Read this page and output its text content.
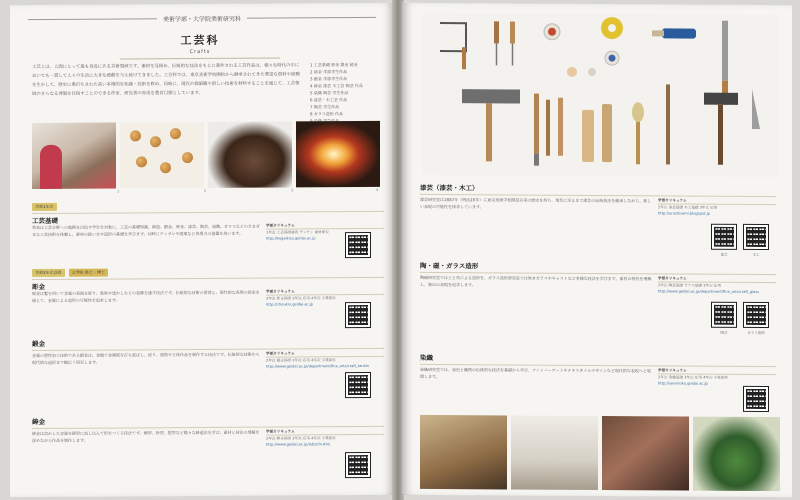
美術学部・大学院美術研究科
工芸科
Crafts
工芸とは、人間にとって最も身近にある芸術領域です。素材を見極め、伝統的な技法をもとに制作される工芸作品は、様々な時代の中においても一貫して人々の生活に大きな感動を与え続けてきました。工芸科では、東京美術学校開校から継承されてきた豊富な資料や経験を生かして、歴史に裏打ちされた高い本格的な知識・技術を修め、同時に、現代の価値観や新しい技術を材料することを通じて、工芸領域のさらなる発展を目指すことのできる作家、研究者の育成を教育目標としています。
1 工芸基礎 彫金 鍛金 鋳金
2 彫金 学部学生作品
3 鍛金 学部学生作品
4 鋳金 漆芸 木工芸 陶芸 作品
5 染織 陶芸 学生作品
6 漆芸・木工芸 作品
7 陶芸 学生作品
8 ガラス造形 作品
1	2	3	4
学部1年次
工芸基礎
将来は工芸分野への進路を目指す学生を対象に、工芸の基礎知識、鋳造、鍛金、彫金、漆芸、陶芸、染織、ガラスなどのさまざまな工芸技術を体験し、素材の扱い方や造形の基礎を学びます。同時にデッサンや図案など表現力の基盤を培います。
学部カリキュラム
1年次 工芸基礎演習 デッサン 素材研究
http://kogeikiso.geidai.ac.jp
学部2年次以降	大学院 修士・博士
彫金
彫金は鏨を用いて金属の表面を彫り、象嵌や透かしなどの装飾を施す技法です。伝統的な技術の習得と、現代的な表現の探求を通じて、金属による造形の可能性を追求します。
学部カリキュラム
2年次 彫金基礎 3年次 応用 4年次 卒業制作
http://choukin.geidai.ac.jp
鍛金
金属の塑性加工技術である鍛金は、金槌で金属板を打ち延ばし、絞り、器物や立体作品を制作する技法です。伝統的な技術から現代的な造形まで幅広く研究します。
学部カリキュラム
2年次 鍛金基礎 3年次 応用 4年次 卒業制作
http://www.geidai.ac.jp/department/fine_arts/craft_tankin
鋳金
鋳金は溶かした金属を鋳型に流し込んで形をつくる技法です。蝋型、砂型、惣型など様々な鋳造法を学び、素材と技法の理解を深めながら作品を制作します。
学部カリキュラム
2年次 鋳金基礎 3年次 応用 4年次 卒業制作
http://www.geidai.ac.jp/labs/chukin/
漆芸（漆芸・木工）
漆芸研究室は1887年（明治20年）に東京美術学校開設以来の歴史を持ち、現代に至るまで漆芸の伝統技法を継承しながら、新しい表現の可能性を探求しています。
学部カリキュラム
2年次 漆芸基礎 木工基礎 3年次 応用
http://urushisemi.blogspot.jp
漆芸	木工
陶・磁・ガラス造形
陶磁研究室では土と炎による造形を、ガラス造形研究室では吹きガラスやキャストなど多様な技法を学びます。素材の特性を理解し、独自の表現を追求します。
学部カリキュラム
2年次 陶芸基礎 ガラス基礎 3年次 応用
http://www.geidai.ac.jp/department/fine_arts/craft_glass
陶芸	ガラス造形
染織
染織研究室では、染色と織物の伝統的な技法を基礎から学び、ファイバーアートやテキスタイルデザインなど現代的な表現へと展開します。
学部カリキュラム
2年次 染織基礎 3年次 応用 4年次 卒業制作
http://senshoku.geidai.ac.jp
